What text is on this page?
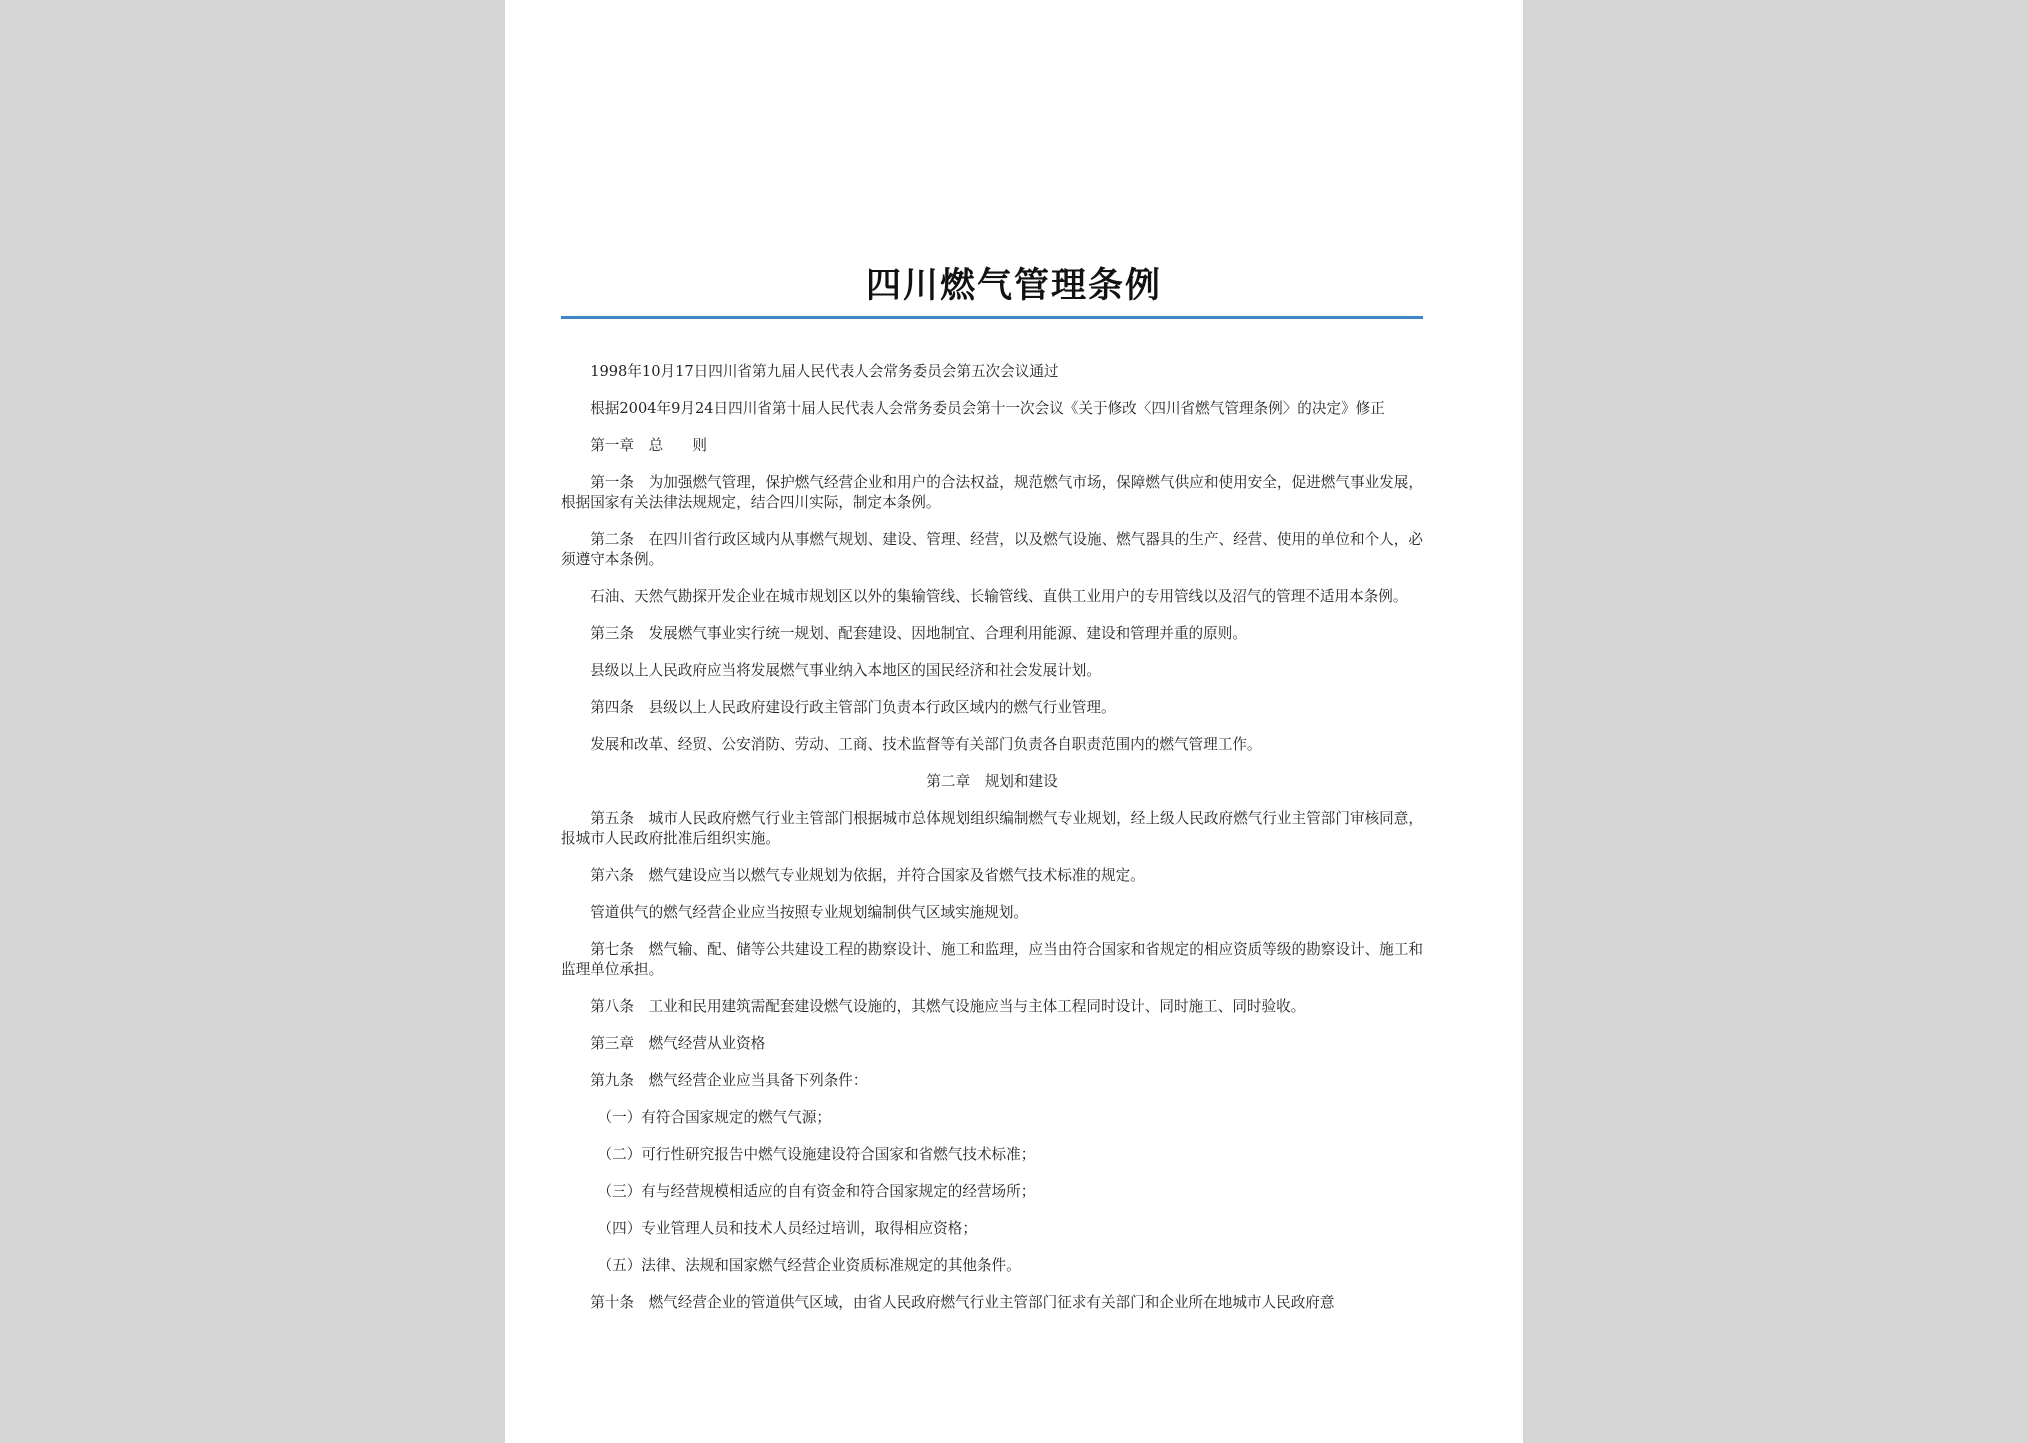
四川燃气管理条例

1998年10月17日四川省第九届人民代表人会常务委员会第五次会议通过

根据2004年9月24日四川省第十届人民代表人会常务委员会第十一次会议《关于修改〈四川省燃气管理条例〉的决定》修正

第一章　总　　则

第一条　为加强燃气管理，保护燃气经营企业和用户的合法权益，规范燃气市场，保障燃气供应和使用安全，促进燃气事业发展，根据国家有关法律法规规定，结合四川实际，制定本条例。

第二条　在四川省行政区域内从事燃气规划、建设、管理、经营，以及燃气设施、燃气器具的生产、经营、使用的单位和个人，必须遵守本条例。

石油、天然气勘探开发企业在城市规划区以外的集输管线、长输管线、直供工业用户的专用管线以及沼气的管理不适用本条例。

第三条　发展燃气事业实行统一规划、配套建设、因地制宜、合理利用能源、建设和管理并重的原则。

县级以上人民政府应当将发展燃气事业纳入本地区的国民经济和社会发展计划。

第四条　县级以上人民政府建设行政主管部门负责本行政区域内的燃气行业管理。

发展和改革、经贸、公安消防、劳动、工商、技术监督等有关部门负责各自职责范围内的燃气管理工作。

第二章　规划和建设

第五条　城市人民政府燃气行业主管部门根据城市总体规划组织编制燃气专业规划，经上级人民政府燃气行业主管部门审核同意，报城市人民政府批准后组织实施。

第六条　燃气建设应当以燃气专业规划为依据，并符合国家及省燃气技术标准的规定。

管道供气的燃气经营企业应当按照专业规划编制供气区域实施规划。

第七条　燃气输、配、储等公共建设工程的勘察设计、施工和监理，应当由符合国家和省规定的相应资质等级的勘察设计、施工和监理单位承担。

第八条　工业和民用建筑需配套建设燃气设施的，其燃气设施应当与主体工程同时设计、同时施工、同时验收。

第三章　燃气经营从业资格

第九条　燃气经营企业应当具备下列条件：

（一）有符合国家规定的燃气气源；

（二）可行性研究报告中燃气设施建设符合国家和省燃气技术标准；

（三）有与经营规模相适应的自有资金和符合国家规定的经营场所；

（四）专业管理人员和技术人员经过培训，取得相应资格；

（五）法律、法规和国家燃气经营企业资质标准规定的其他条件。

第十条　燃气经营企业的管道供气区域，由省人民政府燃气行业主管部门征求有关部门和企业所在地城市人民政府意
